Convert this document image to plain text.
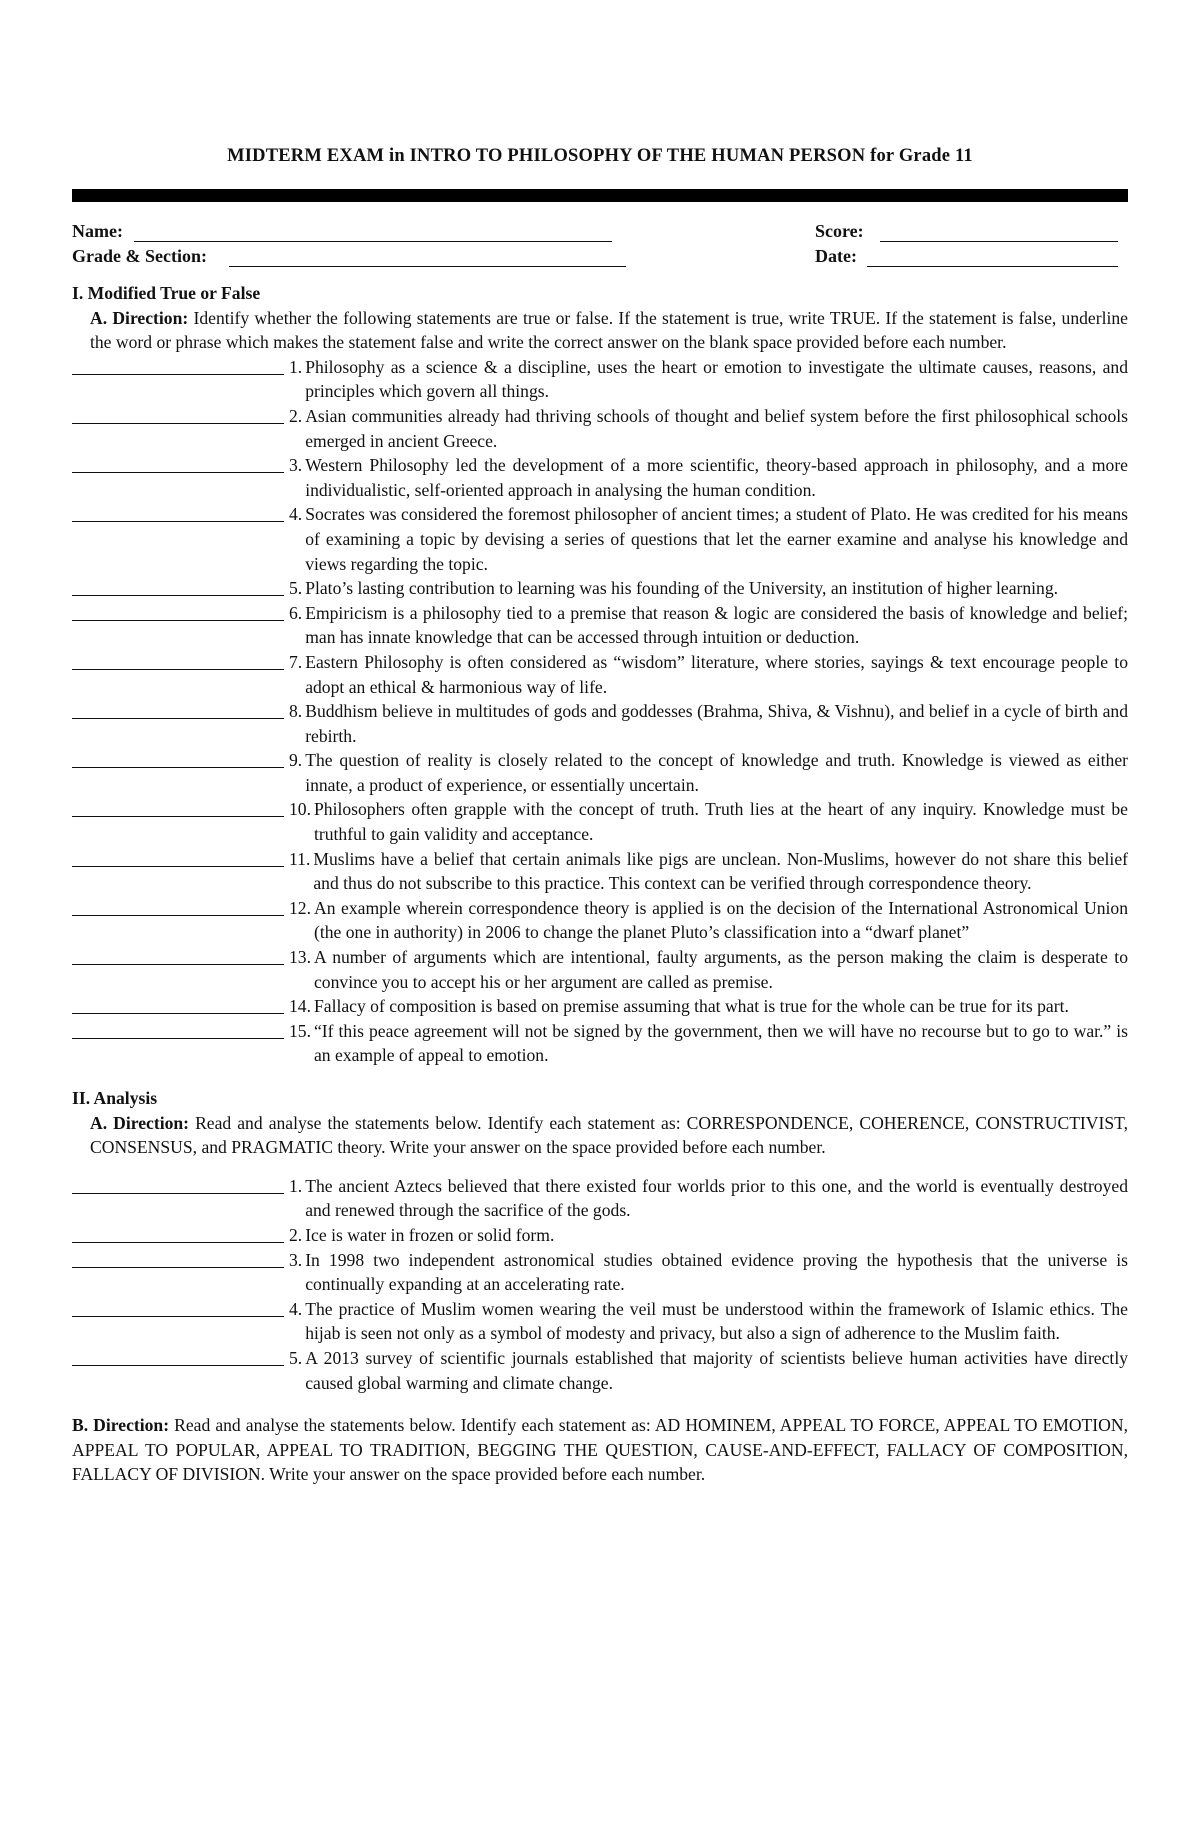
MIDTERM EXAM in INTRO TO PHILOSOPHY OF THE HUMAN PERSON for Grade 11
Name:	Score:
Grade & Section:	Date:
I. Modified True or False
A. Direction: Identify whether the following statements are true or false. If the statement is true, write TRUE. If the statement is false, underline the word or phrase which makes the statement false and write the correct answer on the blank space provided before each number.
1. Philosophy as a science & a discipline, uses the heart or emotion to investigate the ultimate causes, reasons, and principles which govern all things.
2. Asian communities already had thriving schools of thought and belief system before the first philosophical schools emerged in ancient Greece.
3. Western Philosophy led the development of a more scientific, theory-based approach in philosophy, and a more individualistic, self-oriented approach in analysing the human condition.
4. Socrates was considered the foremost philosopher of ancient times; a student of Plato. He was credited for his means of examining a topic by devising a series of questions that let the earner examine and analyse his knowledge and views regarding the topic.
5. Plato’s lasting contribution to learning was his founding of the University, an institution of higher learning.
6. Empiricism is a philosophy tied to a premise that reason & logic are considered the basis of knowledge and belief; man has innate knowledge that can be accessed through intuition or deduction.
7. Eastern Philosophy is often considered as “wisdom” literature, where stories, sayings & text encourage people to adopt an ethical & harmonious way of life.
8. Buddhism believe in multitudes of gods and goddesses (Brahma, Shiva, & Vishnu), and belief in a cycle of birth and rebirth.
9. The question of reality is closely related to the concept of knowledge and truth. Knowledge is viewed as either innate, a product of experience, or essentially uncertain.
10. Philosophers often grapple with the concept of truth. Truth lies at the heart of any inquiry. Knowledge must be truthful to gain validity and acceptance.
11. Muslims have a belief that certain animals like pigs are unclean. Non-Muslims, however do not share this belief and thus do not subscribe to this practice. This context can be verified through correspondence theory.
12. An example wherein correspondence theory is applied is on the decision of the International Astronomical Union (the one in authority) in 2006 to change the planet Pluto’s classification into a “dwarf planet”
13. A number of arguments which are intentional, faulty arguments, as the person making the claim is desperate to convince you to accept his or her argument are called as premise.
14. Fallacy of composition is based on premise assuming that what is true for the whole can be true for its part.
15. “If this peace agreement will not be signed by the government, then we will have no recourse but to go to war.” is an example of appeal to emotion.
II. Analysis
A. Direction: Read and analyse the statements below. Identify each statement as: CORRESPONDENCE, COHERENCE, CONSTRUCTIVIST, CONSENSUS, and PRAGMATIC theory. Write your answer on the space provided before each number.
1. The ancient Aztecs believed that there existed four worlds prior to this one, and the world is eventually destroyed and renewed through the sacrifice of the gods.
2. Ice is water in frozen or solid form.
3. In 1998 two independent astronomical studies obtained evidence proving the hypothesis that the universe is continually expanding at an accelerating rate.
4. The practice of Muslim women wearing the veil must be understood within the framework of Islamic ethics. The hijab is seen not only as a symbol of modesty and privacy, but also a sign of adherence to the Muslim faith.
5. A 2013 survey of scientific journals established that majority of scientists believe human activities have directly caused global warming and climate change.
B. Direction: Read and analyse the statements below. Identify each statement as: AD HOMINEM, APPEAL TO FORCE, APPEAL TO EMOTION, APPEAL TO POPULAR, APPEAL TO TRADITION, BEGGING THE QUESTION, CAUSE-AND-EFFECT, FALLACY OF COMPOSITION, FALLACY OF DIVISION. Write your answer on the space provided before each number.
